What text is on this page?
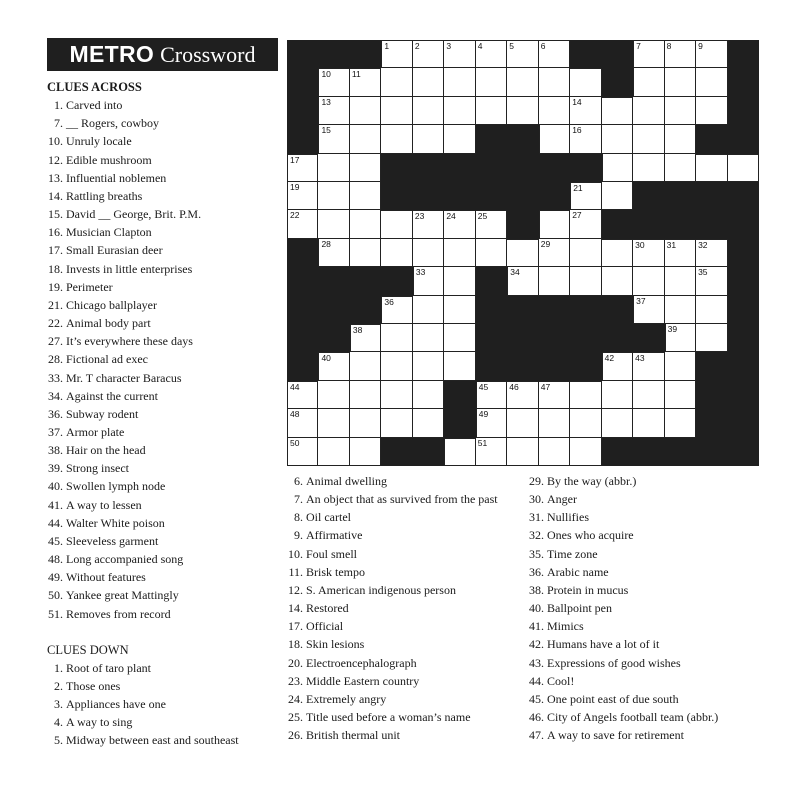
METRO Crossword
CLUES ACROSS
1. Carved into
7. __ Rogers, cowboy
10. Unruly locale
12. Edible mushroom
13. Influential noblemen
14. Rattling breaths
15. David __ George, Brit. P.M.
16. Musician Clapton
17. Small Eurasian deer
18. Invests in little enterprises
19. Perimeter
21. Chicago ballplayer
22. Animal body part
27. It’s everywhere these days
28. Fictional ad exec
33. Mr. T character Baracus
34. Against the current
36. Subway rodent
37. Armor plate
38. Hair on the head
39. Strong insect
40. Swollen lymph node
41. A way to lessen
44. Walter White poison
45. Sleeveless garment
48. Long accompanied song
49. Without features
50. Yankee great Mattingly
51. Removes from record
CLUES DOWN
1. Root of taro plant
2. Those ones
3. Appliances have one
4. A way to sing
5. Midway between east and southeast
6. Animal dwelling
7. An object that as survived from the past
8. Oil cartel
9. Affirmative
10. Foul smell
11. Brisk tempo
12. S. American indigenous person
14. Restored
17. Official
18. Skin lesions
20. Electroencephalograph
23. Middle Eastern country
24. Extremely angry
25. Title used before a woman’s name
26. British thermal unit
29. By the way (abbr.)
30. Anger
31. Nullifies
32. Ones who acquire
35. Time zone
36. Arabic name
38. Protein in mucus
40. Ballpoint pen
41. Mimics
42. Humans have a lot of it
43. Expressions of good wishes
44. Cool!
45. One point east of due south
46. City of Angels football team (abbr.)
47. A way to save for retirement
1	2	3	4	5	6	7	8	9
10 11
13	14
15	16
17
19	21
22	23	24	25	27
28	29	30	31	32
33	34	35
36	37
38	39
40	42 43
44	45 46	47
48	49
50	51
